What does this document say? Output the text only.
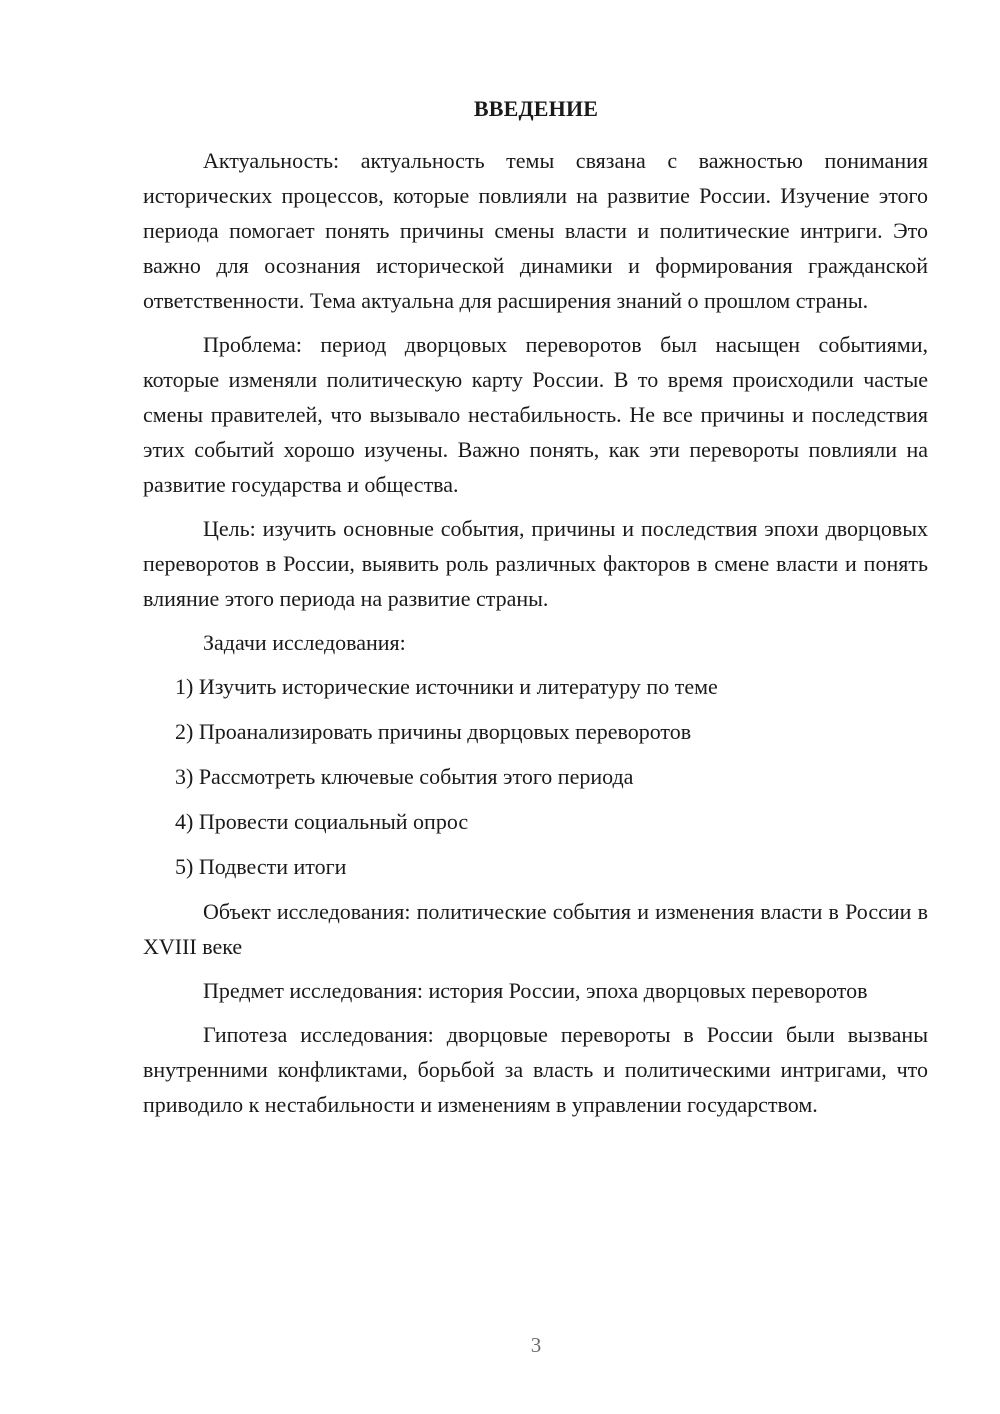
ВВЕДЕНИЕ

Актуальность: актуальность темы связана с важностью понимания исторических процессов, которые повлияли на развитие России. Изучение этого периода помогает понять причины смены власти и политические интриги. Это важно для осознания исторической динамики и формирования гражданской ответственности. Тема актуальна для расширения знаний о прошлом страны.

Проблема: период дворцовых переворотов был насыщен событиями, которые изменяли политическую карту России. В то время происходили частые смены правителей, что вызывало нестабильность. Не все причины и последствия этих событий хорошо изучены. Важно понять, как эти перевороты повлияли на развитие государства и общества.

Цель: изучить основные события, причины и последствия эпохи дворцовых переворотов в России, выявить роль различных факторов в смене власти и понять влияние этого периода на развитие страны.

Задачи исследования:

1) Изучить исторические источники и литературу по теме
2) Проанализировать причины дворцовых переворотов
3) Рассмотреть ключевые события этого периода
4) Провести социальный опрос
5) Подвести итоги

Объект исследования: политические события и изменения власти в России в XVIII веке

Предмет исследования: история России, эпоха дворцовых переворотов

Гипотеза исследования: дворцовые перевороты в России были вызваны внутренними конфликтами, борьбой за власть и политическими интригами, что приводило к нестабильности и изменениям в управлении государством.

3
